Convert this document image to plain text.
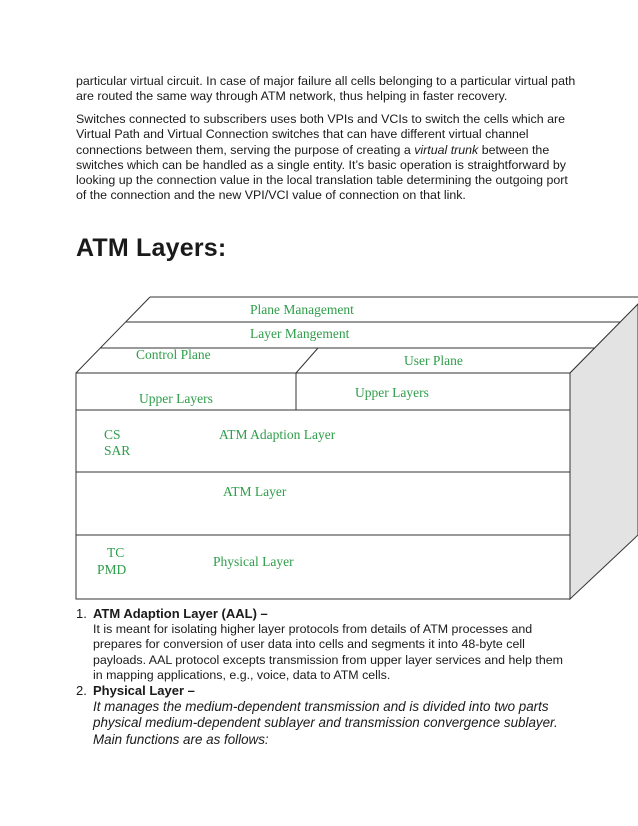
particular virtual circuit. In case of major failure all cells belonging to a particular virtual path are routed the same way through ATM network, thus helping in faster recovery.

Switches connected to subscribers uses both VPIs and VCIs to switch the cells which are Virtual Path and Virtual Connection switches that can have different virtual channel connections between them, serving the purpose of creating a virtual trunk between the switches which can be handled as a single entity. It’s basic operation is straightforward by looking up the connection value in the local translation table determining the outgoing port of the connection and the new VPI/VCI value of connection on that link.

ATM Layers:
Plane Management
Layer Mangement
Control Plane	User Plane
Upper Layers	Upper Layers
CS
SAR
ATM Adaption Layer
ATM Layer
TC
PMD
Physical Layer
1. ATM Adaption Layer (AAL) –
It is meant for isolating higher layer protocols from details of ATM processes and prepares for conversion of user data into cells and segments it into 48-byte cell payloads. AAL protocol excepts transmission from upper layer services and help them in mapping applications, e.g., voice, data to ATM cells.
2. Physical Layer –
It manages the medium-dependent transmission and is divided into two parts physical medium-dependent sublayer and transmission convergence sublayer. Main functions are as follows:
